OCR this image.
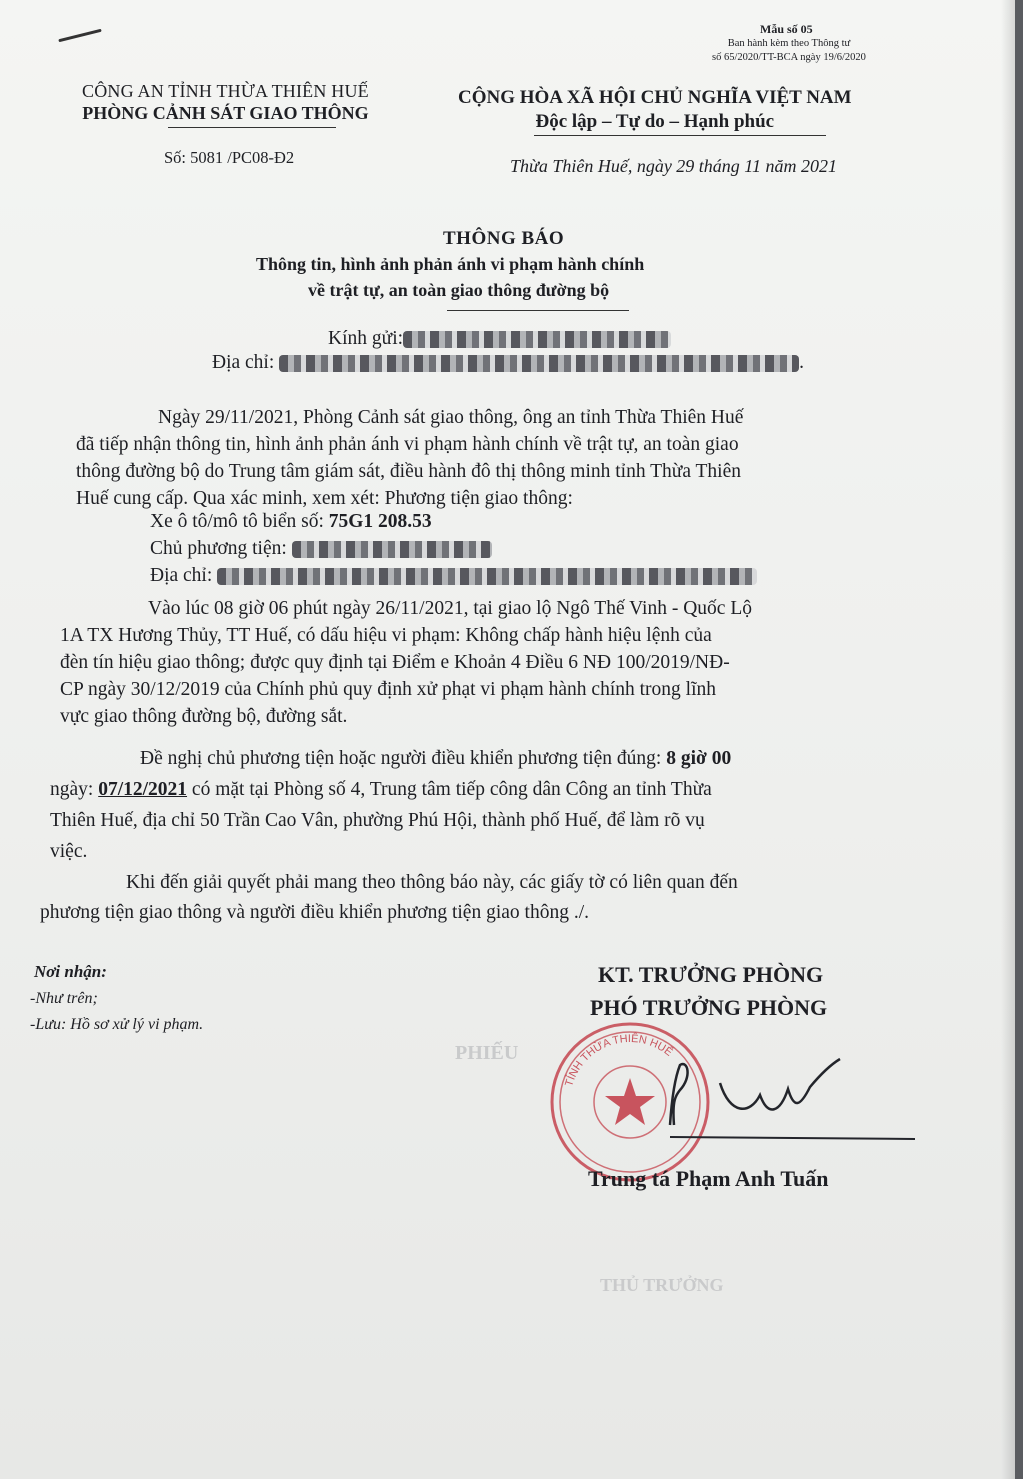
Mẫu số 05
Ban hành kèm theo Thông tư
số 65/2020/TT-BCA ngày 19/6/2020
CÔNG AN TỈNH THỪA THIÊN HUẾ
PHÒNG CẢNH SÁT GIAO THÔNG
CỘNG HÒA XÃ HỘI CHỦ NGHĨA VIỆT NAM
Độc lập – Tự do – Hạnh phúc
Số: 5081 /PC08-Đ2	Thừa Thiên Huế, ngày 29 tháng 11 năm 2021
THÔNG BÁO
Thông tin, hình ảnh phản ánh vi phạm hành chính
về trật tự, an toàn giao thông đường bộ
Kính gửi:
Địa chỉ:	.
Ngày 29/11/2021, Phòng Cảnh sát giao thông, ông an tỉnh Thừa Thiên Huế
đã tiếp nhận thông tin, hình ảnh phản ánh vi phạm hành chính về trật tự, an toàn giao
thông đường bộ do Trung tâm giám sát, điều hành đô thị thông minh tỉnh Thừa Thiên
Huế cung cấp. Qua xác minh, xem xét: Phương tiện giao thông:
Xe ô tô/mô tô biển số: 75G1 208.53
Chủ phương tiện:
Địa chỉ:
Vào lúc 08 giờ 06 phút ngày 26/11/2021, tại giao lộ Ngô Thế Vinh - Quốc Lộ
1A TX Hương Thủy, TT Huế, có dấu hiệu vi phạm: Không chấp hành hiệu lệnh của
đèn tín hiệu giao thông; được quy định tại Điểm e Khoản 4 Điều 6 NĐ 100/2019/NĐ-
CP ngày 30/12/2019 của Chính phủ quy định xử phạt vi phạm hành chính trong lĩnh
vực giao thông đường bộ, đường sắt.
Đề nghị chủ phương tiện hoặc người điều khiển phương tiện đúng: 8 giờ 00
ngày: 07/12/2021 có mặt tại Phòng số 4, Trung tâm tiếp công dân Công an tỉnh Thừa
Thiên Huế, địa chỉ 50 Trần Cao Vân, phường Phú Hội, thành phố Huế, để làm rõ vụ
việc.
Khi đến giải quyết phải mang theo thông báo này, các giấy tờ có liên quan đến
phương tiện giao thông và người điều khiển phương tiện giao thông ./.
Nơi nhận:
-Như trên;
-Lưu: Hồ sơ xử lý vi phạm.
KT. TRƯỞNG PHÒNG
PHÓ TRƯỞNG PHÒNG
PHIẾU
THỦ TRƯỞNG
TỈNH THỪA THIÊN HUẾ
Trung tá Phạm Anh Tuấn
